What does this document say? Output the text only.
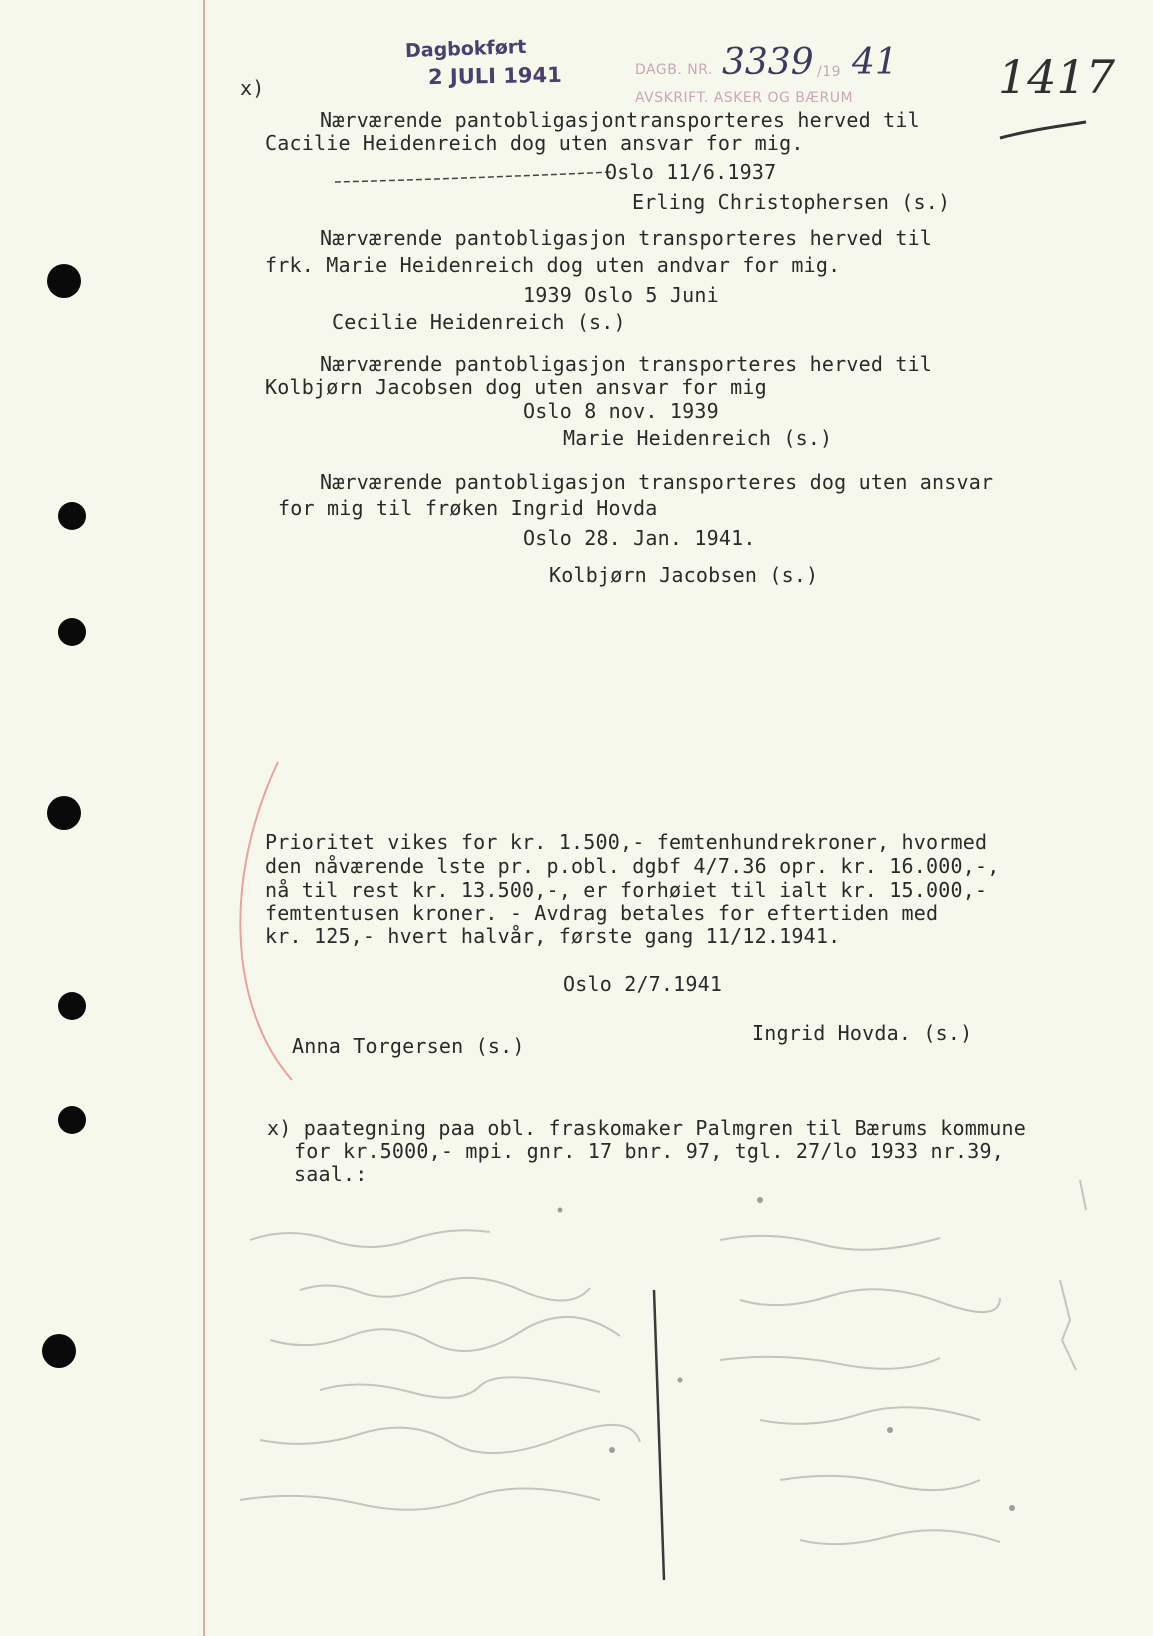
Dagbokført
2 JULI 1941	DAGB. NR. 3339 /19 41
AVSKRIFT. ASKER OG BÆRUM	1417
x)
Nærværende pantobligasjontransporteres herved til
Cacilie Heidenreich dog uten ansvar for mig.
Oslo 11/6.1937
Erling Christophersen (s.)
Nærværende pantobligasjon transporteres herved til
frk. Marie Heidenreich dog uten andvar for mig.
1939 Oslo 5 Juni
Cecilie Heidenreich (s.)
Nærværende pantobligasjon transporteres herved til
Kolbjørn Jacobsen dog uten ansvar for mig
Oslo 8 nov. 1939
Marie Heidenreich (s.)
Nærværende pantobligasjon transporteres dog uten ansvar
for mig til frøken Ingrid Hovda
Oslo 28. Jan. 1941.
Kolbjørn Jacobsen (s.)
Prioritet vikes for kr. 1.500,- femtenhundrekroner, hvormed
den nåværende lste pr. p.obl. dgbf 4/7.36 opr. kr. 16.000,-,
nå til rest kr. 13.500,-, er forhøiet til ialt kr. 15.000,-
femtentusen kroner. - Avdrag betales for eftertiden med
kr. 125,- hvert halvår, første gang 11/12.1941.
Oslo 2/7.1941
Ingrid Hovda. (s.)
Anna Torgersen (s.)
x) paategning paa obl. fraskomaker Palmgren til Bærums kommune
for kr.5000,- mpi. gnr. 17 bnr. 97, tgl. 27/lo 1933 nr.39,
saal.:
